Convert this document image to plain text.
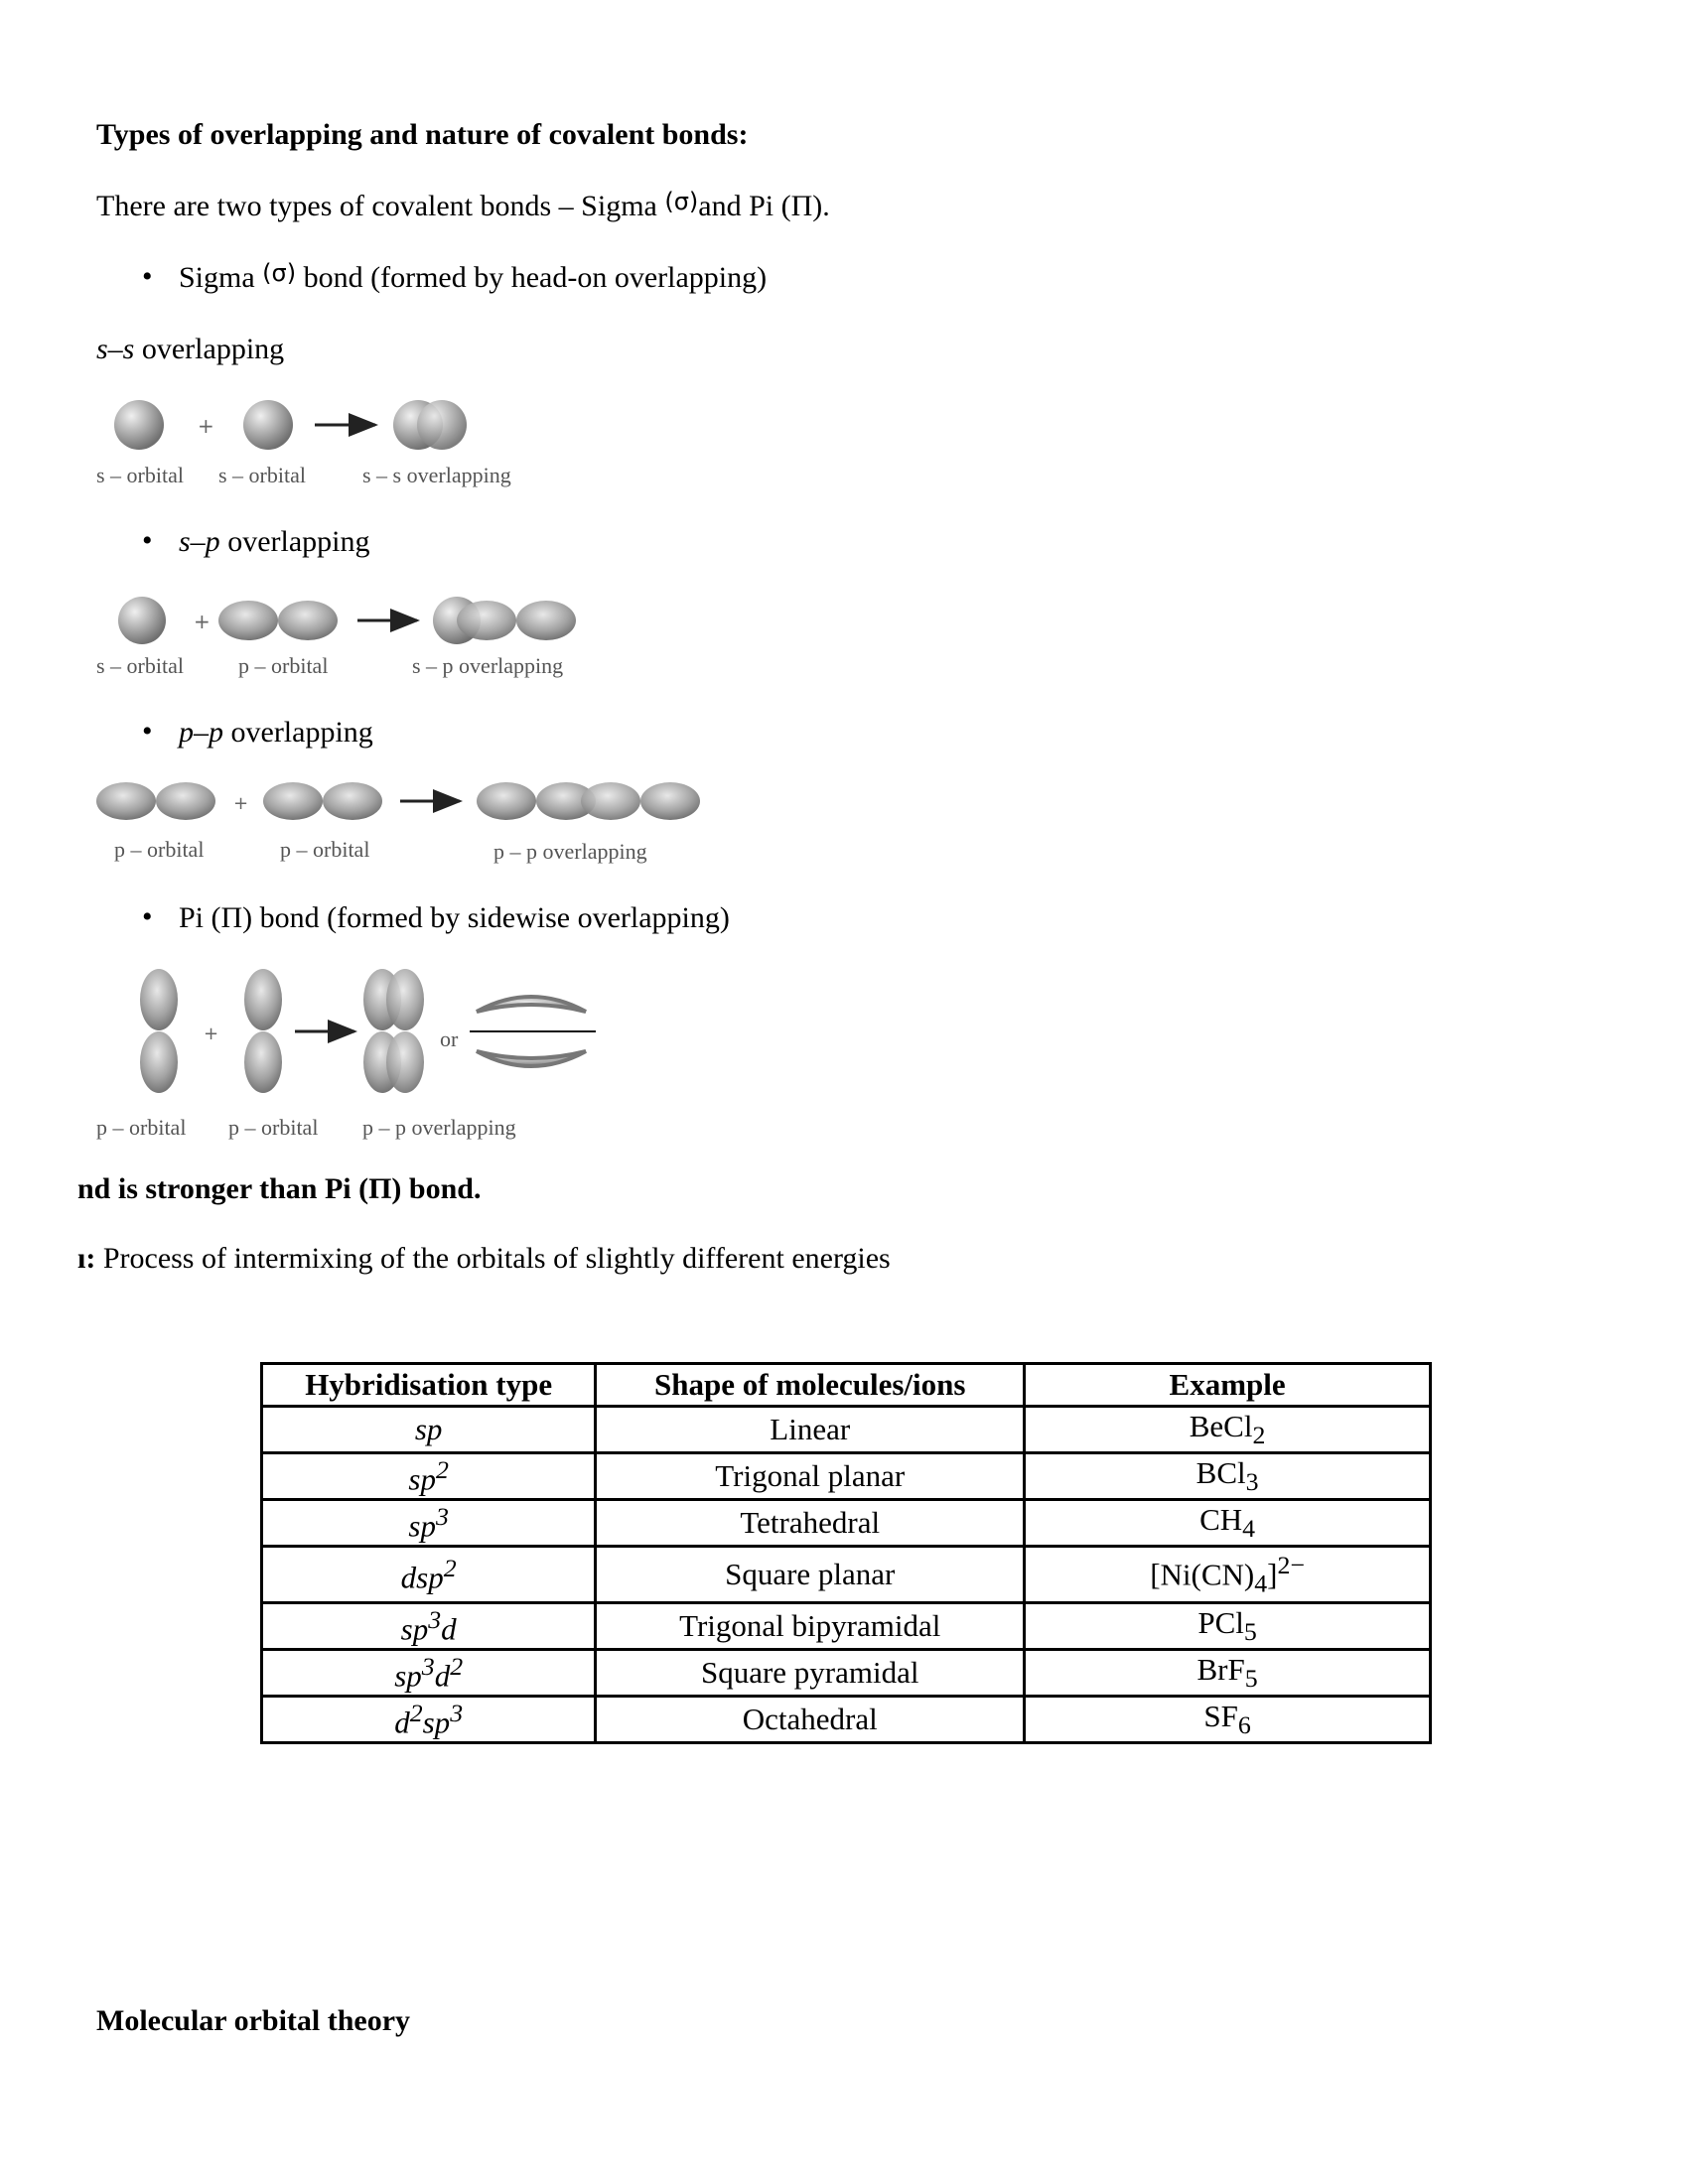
Types of overlapping and nature of covalent bonds:
There are two types of covalent bonds – Sigma $^{(\sigma)}$and Pi (Π).
• Sigma $^{(\sigma)}$ bond (formed by head-on overlapping)
s–s overlapping
+
s – orbital s – orbital	s – s overlapping
• s–p overlapping
+
s – orbital	p – orbital	s – p overlapping
• p–p overlapping
+
p – orbital	p – orbital	p – p overlapping
• Pi (Π) bond (formed by sidewise overlapping)
+	or
p – orbital p – orbital p – p overlapping
nd is stronger than Pi (Π) bond.
ı: Process of intermixing of the orbitals of slightly different energies
Hybridisation type	Shape of molecules/ions	Example
sp	Linear	BeCl$_2$
$sp^2$	Trigonal planar	BCl$_3$
$sp^3$	Tetrahedral	$CH_4$
dsp$^2$	Square planar	$[Ni(CN)_4]^{2-}$
$sp^3d$	Trigonal bipyramidal	PCl$_5$
$sp^3d^2$	Square pyramidal	BrF$_5$
$d^2sp^3$	Octahedral	$SF_6$
Molecular orbital theory
